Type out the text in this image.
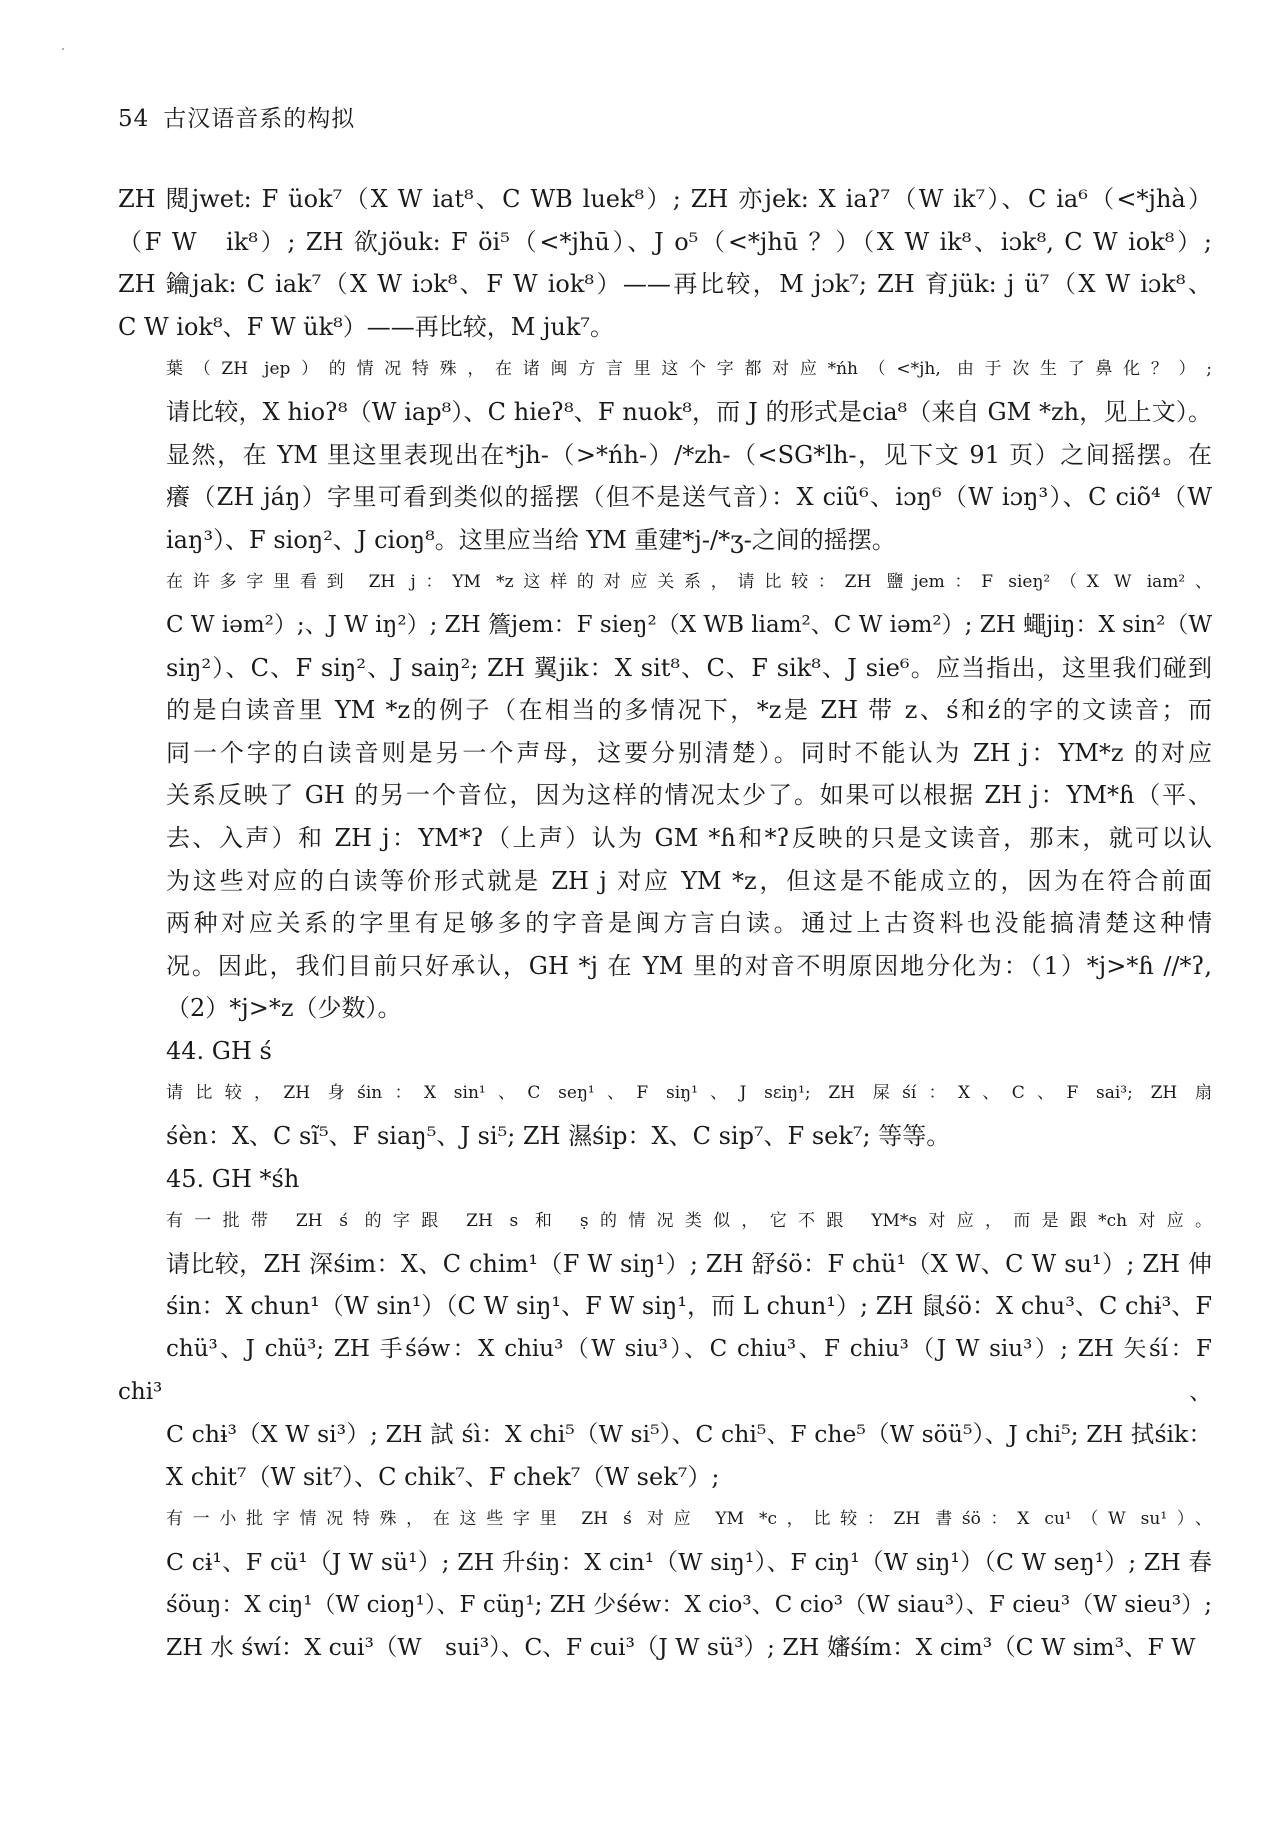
54 古汉语音系的构拟
ZH 閱jwet: F üok⁷（X W iat⁸、C WB luek⁸）; ZH 亦jek: X iaʔ⁷（W ik⁷）、C ia⁶（<*jhà）
（F W　ik⁸）; ZH 欲jöuk: F öi⁵（<*jhū）、J o⁵（<*jhū ？）（X W ik⁸、iɔk⁸, C W iok⁸）;
ZH 鑰jak: C iak⁷（X W iɔk⁸、F W iok⁸）——再比较，M jɔk⁷; ZH 育jük: j ü⁷（X W iɔk⁸、
C W iok⁸、F W ük⁸）——再比较，M juk⁷。
葉（ZH jep）的情况特殊，在诸闽方言里这个字都对应*ńh（<*jh, 由于次生了鼻化？）;
请比较，X hioʔ⁸（W iap⁸）、C hieʔ⁸、F nuok⁸，而 J 的形式是cia⁸（来自 GM *zh，见上文）。
显然，在 YM 里这里表现出在*jh-（>*ńh-）/*zh-（<SG*lh-，见下文 91 页）之间摇摆。在
癢（ZH jáŋ）字里可看到类似的摇摆（但不是送气音）：X ciũ⁶、iɔŋ⁶（W iɔŋ³）、C ciõ⁴（W
iaŋ³）、F sioŋ²、J cioŋ⁸。这里应当给 YM 重建*j-/*ʒ-之间的摇摆。
在许多字里看到 ZH j：YM *z这样的对应关系，请比较：ZH 鹽jem：F sieŋ²（X W iam²、
C W iəm²）;、J W iŋ²）; ZH 簷jem：F sieŋ²（X WB liam²、C W iəm²）; ZH 蠅jiŋ：X sin²（W
siŋ²）、C、F siŋ²、J saiŋ²; ZH 翼jik：X sit⁸、C、F sik⁸、J sie⁶。应当指出，这里我们碰到
的是白读音里 YM *z的例子（在相当的多情况下，*z是 ZH 带 z、ś和ź的字的文读音；而
同一个字的白读音则是另一个声母，这要分别清楚）。同时不能认为 ZH j：YM*z 的对应
关系反映了 GH 的另一个音位，因为这样的情况太少了。如果可以根据 ZH j：YM*ɦ（平、
去、入声）和 ZH j：YM*ʔ（上声）认为 GM *ɦ和*ʔ反映的只是文读音，那末，就可以认
为这些对应的白读等价形式就是 ZH j 对应 YM *z，但这是不能成立的，因为在符合前面
两种对应关系的字里有足够多的字音是闽方言白读。通过上古资料也没能搞清楚这种情
况。因此，我们目前只好承认，GH *j 在 YM 里的对音不明原因地分化为：（1）*j>*ɦ //*ʔ,
（2）*j>*z（少数）。
44. GH ś
请比较，ZH 身śin：X sin¹、C seŋ¹、F siŋ¹、J sɛiŋ¹; ZH 屎śí：X、C、F sai³; ZH 扇
śèn：X、C sĩ⁵、F siaŋ⁵、J si⁵; ZH 濕śip：X、C sip⁷、F sek⁷; 等等。
45. GH *śh
有一批带 ZH ś 的字跟 ZH s 和 ṣ的情况类似，它不跟 YM*s对应，而是跟*ch对应。
请比较，ZH 深śim：X、C chim¹（F W siŋ¹）; ZH 舒śö：F chü¹（X W、C W su¹）; ZH 伸
śin：X chun¹（W sin¹）（C W siŋ¹、F W siŋ¹，而 L chun¹）; ZH 鼠śö：X chu³、C chɨ³、F
chü³、J chü³; ZH 手śə́w：X chiu³（W siu³）、C chiu³、F chiu³（J W siu³）; ZH 矢śí：F chi³、
C chɨ³（X W si³）; ZH 試 śì：X chi⁵（W si⁵）、C chi⁵、F che⁵（W söü⁵）、J chi⁵; ZH 拭śik：
X chit⁷（W sit⁷）、C chik⁷、F chek⁷（W sek⁷）;
有一小批字情况特殊，在这些字里 ZH ś 对应 YM *c，比较：ZH 書śö：X cu¹（W su¹）、
C cɨ¹、F cü¹（J W sü¹）; ZH 升śiŋ：X cin¹（W siŋ¹）、F ciŋ¹（W siŋ¹）（C W seŋ¹）; ZH 春
śöuŋ：X ciŋ¹（W cioŋ¹）、F cüŋ¹; ZH 少śéw：X cio³、C cio³（W siau³）、F cieu³（W sieu³）;
ZH 水 śwí：X cui³（W　sui³）、C、F cui³（J W sü³）; ZH 嬸śím：X cim³（C W sim³、F W
